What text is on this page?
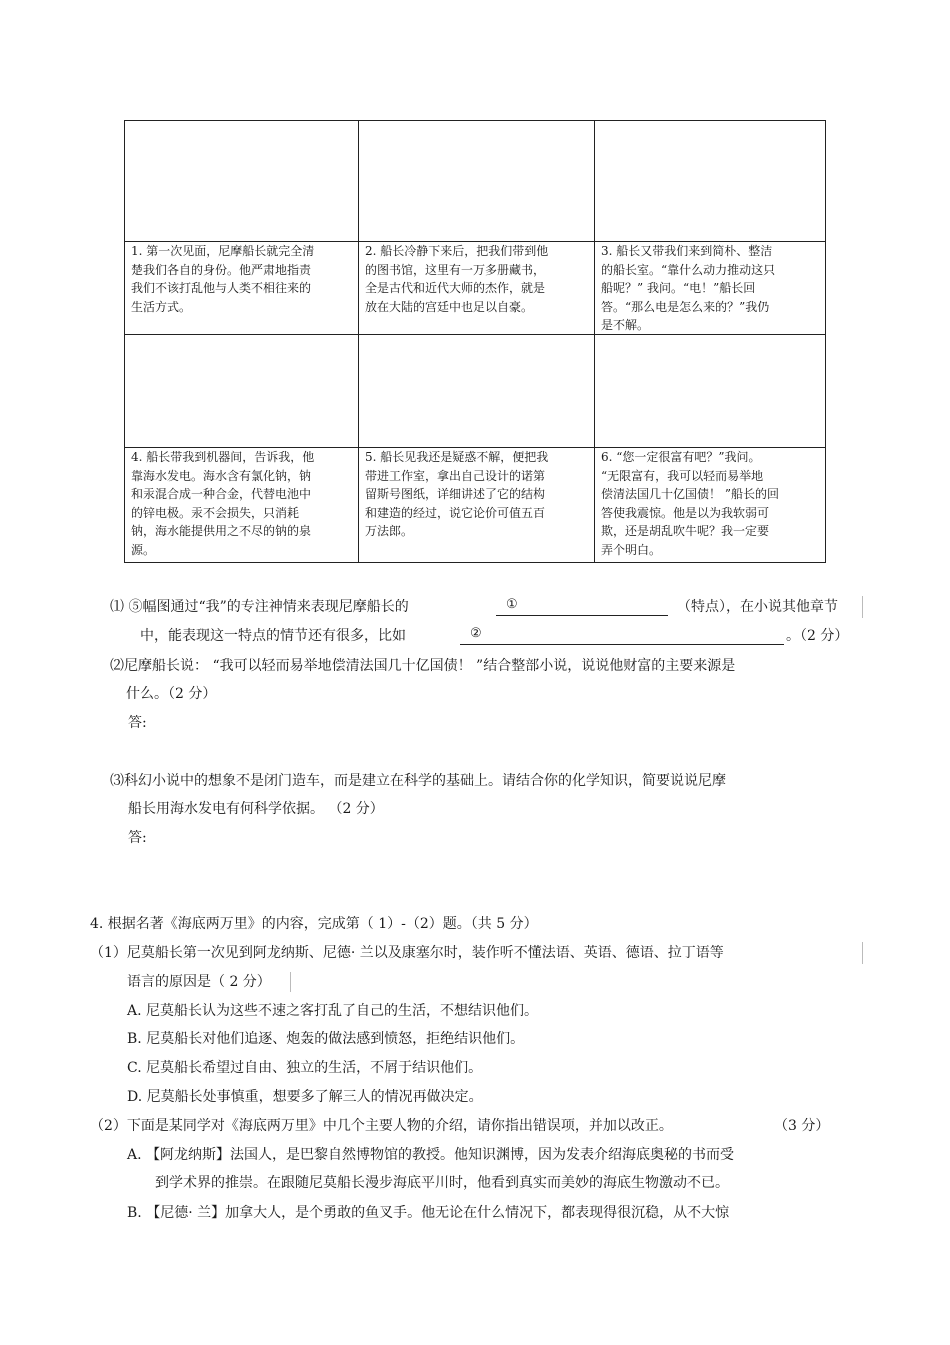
1. 第一次见面，尼摩船长就完全清
楚我们各自的身份。他严肃地指责
我们不该打乱他与人类不相往来的
生活方式。
2. 船长冷静下来后，把我们带到他
的图书馆，这里有一万多册藏书，
全是古代和近代大师的杰作，就是
放在大陆的宫廷中也足以自豪。
3. 船长又带我们来到简朴、整洁
的船长室。“靠什么动力推动这只
船呢？” 我问。“电！”船长回
答。“那么电是怎么来的？”我仍
是不解。
4. 船长带我到机器间，告诉我，他
靠海水发电。海水含有氯化钠，钠
和汞混合成一种合金，代替电池中
的锌电极。汞不会损失，只消耗
钠，海水能提供用之不尽的钠的泉
源。
5. 船长见我还是疑惑不解，便把我
带进工作室，拿出自己设计的诺第
留斯号图纸，详细讲述了它的结构
和建造的经过，说它论价可值五百
万法郎。
6. “您一定很富有吧？”我问。
“无限富有，我可以轻而易举地
偿清法国几十亿国债！ ”船长的回
答使我震惊。他是以为我软弱可
欺，还是胡乱吹牛呢？我一定要
弄个明白。
⑴ ⑤幅图通过“我”的专注神情来表现尼摩船长的	①	（特点），在小说其他章节
中，能表现这一特点的情节还有很多，比如	②	。（2 分）
⑵尼摩船长说： “我可以轻而易举地偿清法国几十亿国债！ ”结合整部小说，说说他财富的主要来源是
什么。（2 分）
答:
⑶科幻小说中的想象不是闭门造车，而是建立在科学的基础上。请结合你的化学知识，简要说说尼摩
船长用海水发电有何科学依据。 （2 分）
答:
4. 根据名著《海底两万里》的内容，完成第（ 1）-（2）题。（共 5 分）
（1）尼莫船长第一次见到阿龙纳斯、尼德· 兰以及康塞尔时，装作听不懂法语、英语、德语、拉丁语等
语言的原因是（ 2 分）
A. 尼莫船长认为这些不速之客打乱了自己的生活，不想结识他们。
B. 尼莫船长对他们追逐、炮轰的做法感到愤怒，拒绝结识他们。
C. 尼莫船长希望过自由、独立的生活，不屑于结识他们。
D. 尼莫船长处事慎重，想要多了解三人的情况再做决定。
（2）下面是某同学对《海底两万里》中几个主要人物的介绍，请你指出错误项，并加以改正。	（3 分）
A. 【阿龙纳斯】法国人，是巴黎自然博物馆的教授。他知识渊博，因为发表介绍海底奥秘的书而受
到学术界的推崇。在跟随尼莫船长漫步海底平川时，他看到真实而美妙的海底生物激动不已。
B. 【尼德· 兰】加拿大人，是个勇敢的鱼叉手。他无论在什么情况下，都表现得很沉稳，从不大惊
